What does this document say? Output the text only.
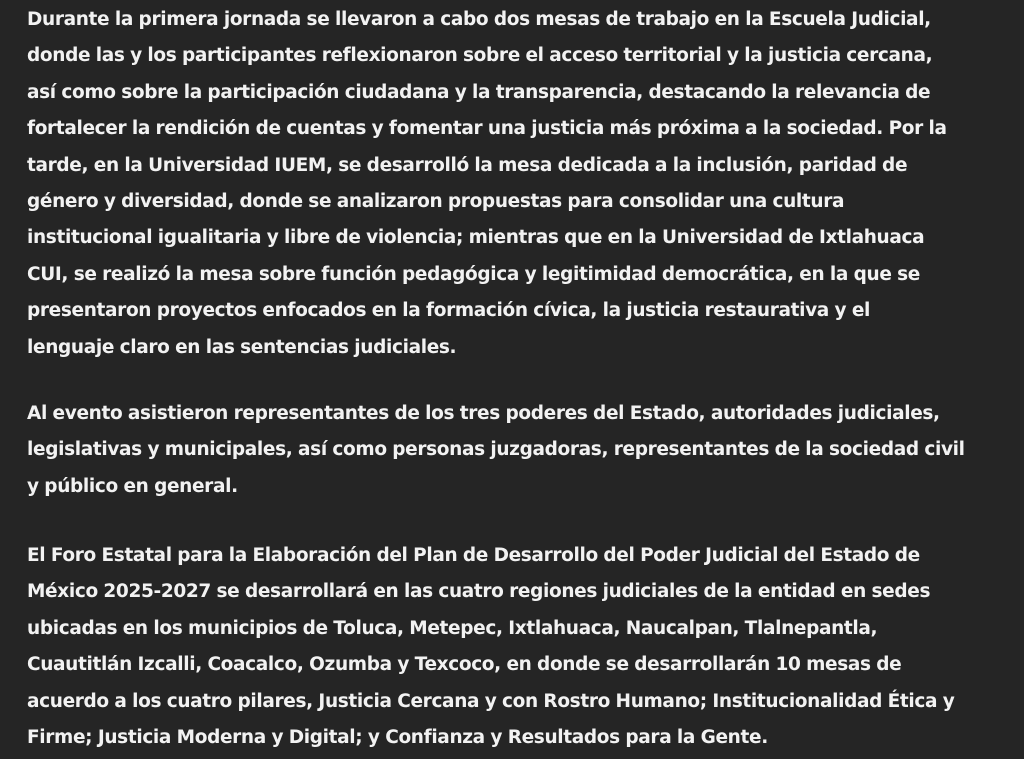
Durante la primera jornada se llevaron a cabo dos mesas de trabajo en la Escuela Judicial,
donde las y los participantes reflexionaron sobre el acceso territorial y la justicia cercana,
así como sobre la participación ciudadana y la transparencia, destacando la relevancia de
fortalecer la rendición de cuentas y fomentar una justicia más próxima a la sociedad. Por la
tarde, en la Universidad IUEM, se desarrolló la mesa dedicada a la inclusión, paridad de
género y diversidad, donde se analizaron propuestas para consolidar una cultura
institucional igualitaria y libre de violencia; mientras que en la Universidad de Ixtlahuaca
CUI, se realizó la mesa sobre función pedagógica y legitimidad democrática, en la que se
presentaron proyectos enfocados en la formación cívica, la justicia restaurativa y el
lenguaje claro en las sentencias judiciales.
Al evento asistieron representantes de los tres poderes del Estado, autoridades judiciales,
legislativas y municipales, así como personas juzgadoras, representantes de la sociedad civil
y público en general.
El Foro Estatal para la Elaboración del Plan de Desarrollo del Poder Judicial del Estado de
México 2025-2027 se desarrollará en las cuatro regiones judiciales de la entidad en sedes
ubicadas en los municipios de Toluca, Metepec, Ixtlahuaca, Naucalpan, Tlalnepantla,
Cuautitlán Izcalli, Coacalco, Ozumba y Texcoco, en donde se desarrollarán 10 mesas de
acuerdo a los cuatro pilares, Justicia Cercana y con Rostro Humano; Institucionalidad Ética y
Firme; Justicia Moderna y Digital; y Confianza y Resultados para la Gente.
